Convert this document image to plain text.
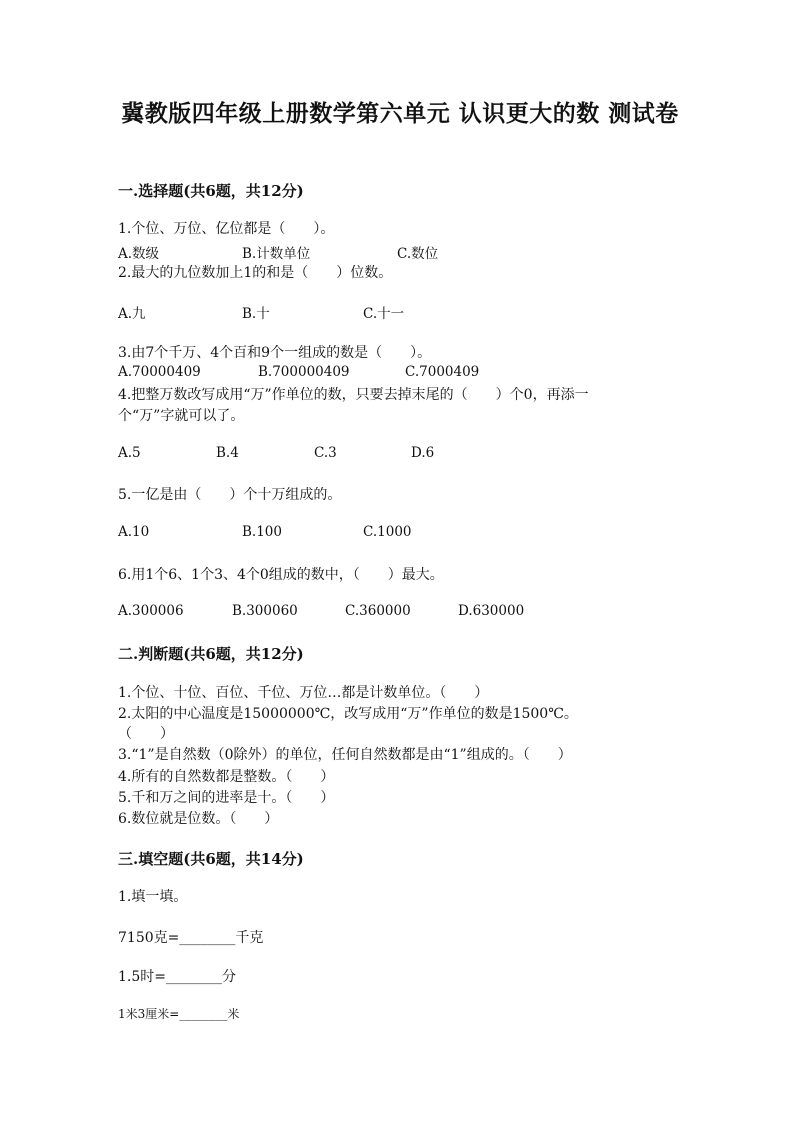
冀教版四年级上册数学第六单元 认识更大的数 测试卷
一.选择题(共6题，共12分)
1.个位、万位、亿位都是（　　）。
A.数级	B.计数单位	C.数位
2.最大的九位数加上1的和是（　　）位数。
A.九	B.十	C.十一
3.由7个千万、4个百和9个一组成的数是（　　）。
A.70000409	B.700000409	C.7000409
4.把整万数改写成用“万”作单位的数，只要去掉末尾的（　　）个0，再添一
个“万”字就可以了。
A.5	B.4	C.3	D.6
5.一亿是由（　　）个十万组成的。
A.10	B.100	C.1000
6.用1个6、1个3、4个0组成的数中，（　　）最大。
A.300006	B.300060	C.360000	D.630000
二.判断题(共6题，共12分)
1.个位、十位、百位、千位、万位…都是计数单位。（　　）
2.太阳的中心温度是15000000℃，改写成用“万”作单位的数是1500℃。
（　　）
3.“1”是自然数（0除外）的单位，任何自然数都是由“1”组成的。（　　）
4.所有的自然数都是整数。（　　）
5.千和万之间的进率是十。（　　）
6.数位就是位数。（　　）
三.填空题(共6题，共14分)
1.填一填。
7150克=________千克
1.5时=________分
1米3厘米=________米
